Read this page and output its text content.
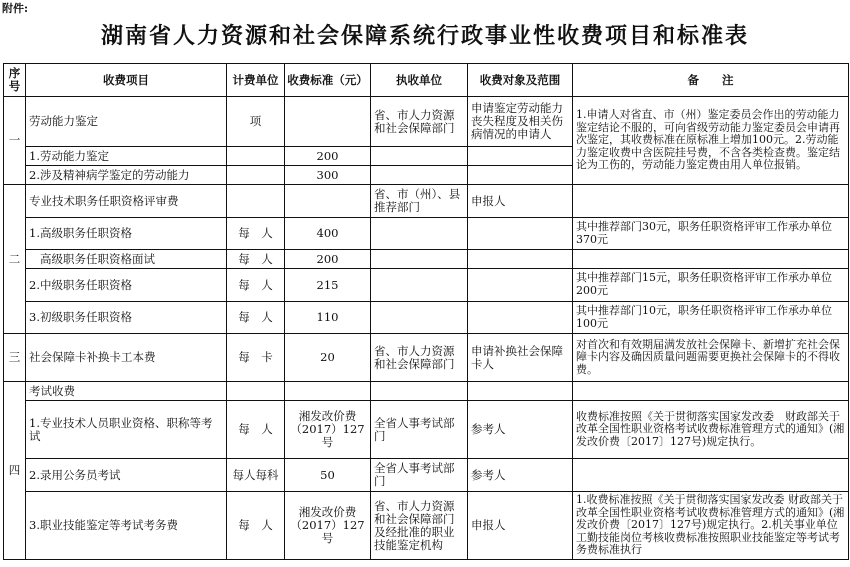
附件:
湖南省人力资源和社会保障系统行政事业性收费项目和标准表
序号	收费项目	计费单位	收费标准（元）	执收单位	收费对象及范围	备　　注
一	劳动能力鉴定	项		省、市人力资源和社会保障部门	申请鉴定劳动能力丧失程度及相关伤病情况的申请人	1.申请人对省直、市（州）鉴定委员会作出的劳动能力鉴定结论不服的，可向省级劳动能力鉴定委员会申请再次鉴定，其收费标准在原标准上增加100元。2.劳动能力鉴定收费中含医院挂号费，不含各类检查费。鉴定结论为工伤的，劳动能力鉴定费由用人单位报销。
	1.劳动能力鉴定		200			
	2.涉及精神病学鉴定的劳动能力		300			
二	专业技术职务任职资格评审费			省、市（州）、县推荐部门	申报人	
	1.高级职务任职资格	每　人	400			其中推荐部门30元，职务任职资格评审工作承办单位370元
	高级职务任职资格面试	每　人	200			
	2.中级职务任职资格	每　人	215			其中推荐部门15元，职务任职资格评审工作承办单位200元
	3.初级职务任职资格	每　人	110			其中推荐部门10元，职务任职资格评审工作承办单位100元
三	社会保障卡补换卡工本费	每　卡	20	省、市人力资源和社会保障部门	申请补换社会保障卡人	对首次和有效期届满发放社会保障卡、新增扩充社会保障卡内容及确因质量问题需要更换社会保障卡的不得收费。
四	考试收费					
	1.专业技术人员职业资格、职称等考试	每　人	湘发改价费（2017）127号	全省人事考试部门	参考人	收费标准按照《关于贯彻落实国家发改委　财政部关于改革全国性职业资格考试收费标准管理方式的通知》(湘发改价费〔2017〕127号)规定执行。
	2.录用公务员考试	每人每科	50	全省人事考试部门	参考人	
	3.职业技能鉴定等考试考务费	每　人	湘发改价费（2017）127号	省、市人力资源和社会保障部门及经批准的职业技能鉴定机构	申报人	1.收费标准按照《关于贯彻落实国家发改委 财政部关于改革全国性职业资格考试收费标准管理方式的通知》(湘发改价费〔2017〕127号)规定执行。2.机关事业单位工勤技能岗位考核收费标准按照职业技能鉴定等考试考务费标准执行
